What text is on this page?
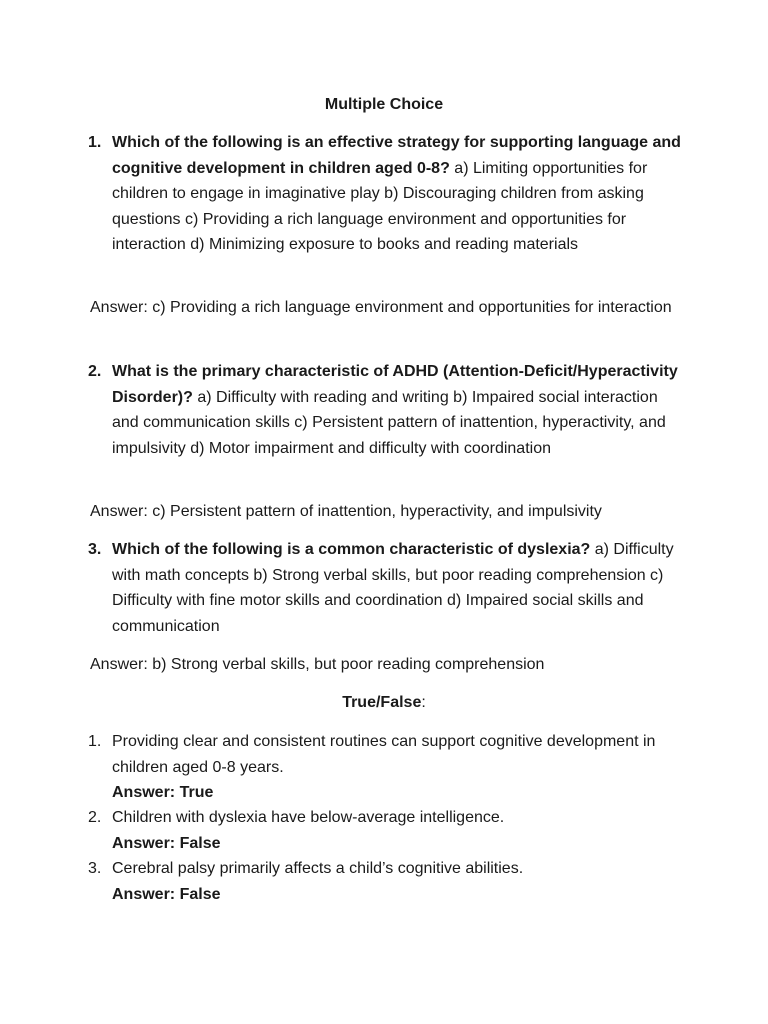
Multiple Choice
1. Which of the following is an effective strategy for supporting language and cognitive development in children aged 0-8? a) Limiting opportunities for children to engage in imaginative play b) Discouraging children from asking questions c) Providing a rich language environment and opportunities for interaction d) Minimizing exposure to books and reading materials
Answer: c) Providing a rich language environment and opportunities for interaction
2. What is the primary characteristic of ADHD (Attention-Deficit/Hyperactivity Disorder)? a) Difficulty with reading and writing b) Impaired social interaction and communication skills c) Persistent pattern of inattention, hyperactivity, and impulsivity d) Motor impairment and difficulty with coordination
Answer: c) Persistent pattern of inattention, hyperactivity, and impulsivity
3. Which of the following is a common characteristic of dyslexia? a) Difficulty with math concepts b) Strong verbal skills, but poor reading comprehension c) Difficulty with fine motor skills and coordination d) Impaired social skills and communication
Answer: b) Strong verbal skills, but poor reading comprehension
True/False:
1. Providing clear and consistent routines can support cognitive development in children aged 0-8 years.
Answer: True
2. Children with dyslexia have below-average intelligence.
Answer: False
3. Cerebral palsy primarily affects a child’s cognitive abilities.
Answer: False
